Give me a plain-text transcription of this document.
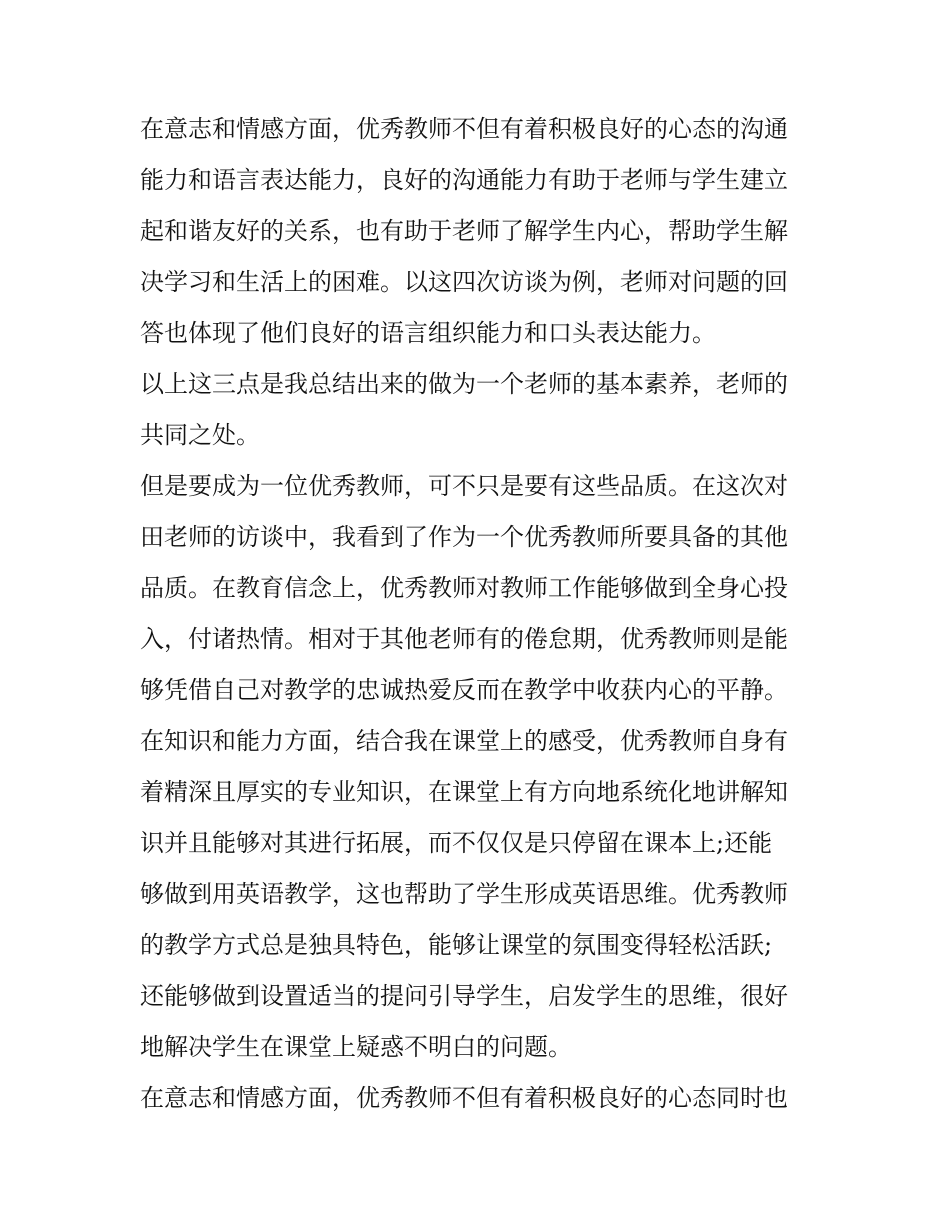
在意志和情感方面，优秀教师不但有着积极良好的心态的沟通
能力和语言表达能力，良好的沟通能力有助于老师与学生建立
起和谐友好的关系，也有助于老师了解学生内心，帮助学生解
决学习和生活上的困难。以这四次访谈为例，老师对问题的回
答也体现了他们良好的语言组织能力和口头表达能力。
以上这三点是我总结出来的做为一个老师的基本素养，老师的
共同之处。
但是要成为一位优秀教师，可不只是要有这些品质。在这次对
田老师的访谈中，我看到了作为一个优秀教师所要具备的其他
品质。在教育信念上，优秀教师对教师工作能够做到全身心投
入，付诸热情。相对于其他老师有的倦怠期，优秀教师则是能
够凭借自己对教学的忠诚热爱反而在教学中收获内心的平静。
在知识和能力方面，结合我在课堂上的感受，优秀教师自身有
着精深且厚实的专业知识，在课堂上有方向地系统化地讲解知
识并且能够对其进行拓展，而不仅仅是只停留在课本上;还能
够做到用英语教学，这也帮助了学生形成英语思维。优秀教师
的教学方式总是独具特色，能够让课堂的氛围变得轻松活跃;
还能够做到设置适当的提问引导学生，启发学生的思维，很好
地解决学生在课堂上疑惑不明白的问题。
在意志和情感方面，优秀教师不但有着积极良好的心态同时也
